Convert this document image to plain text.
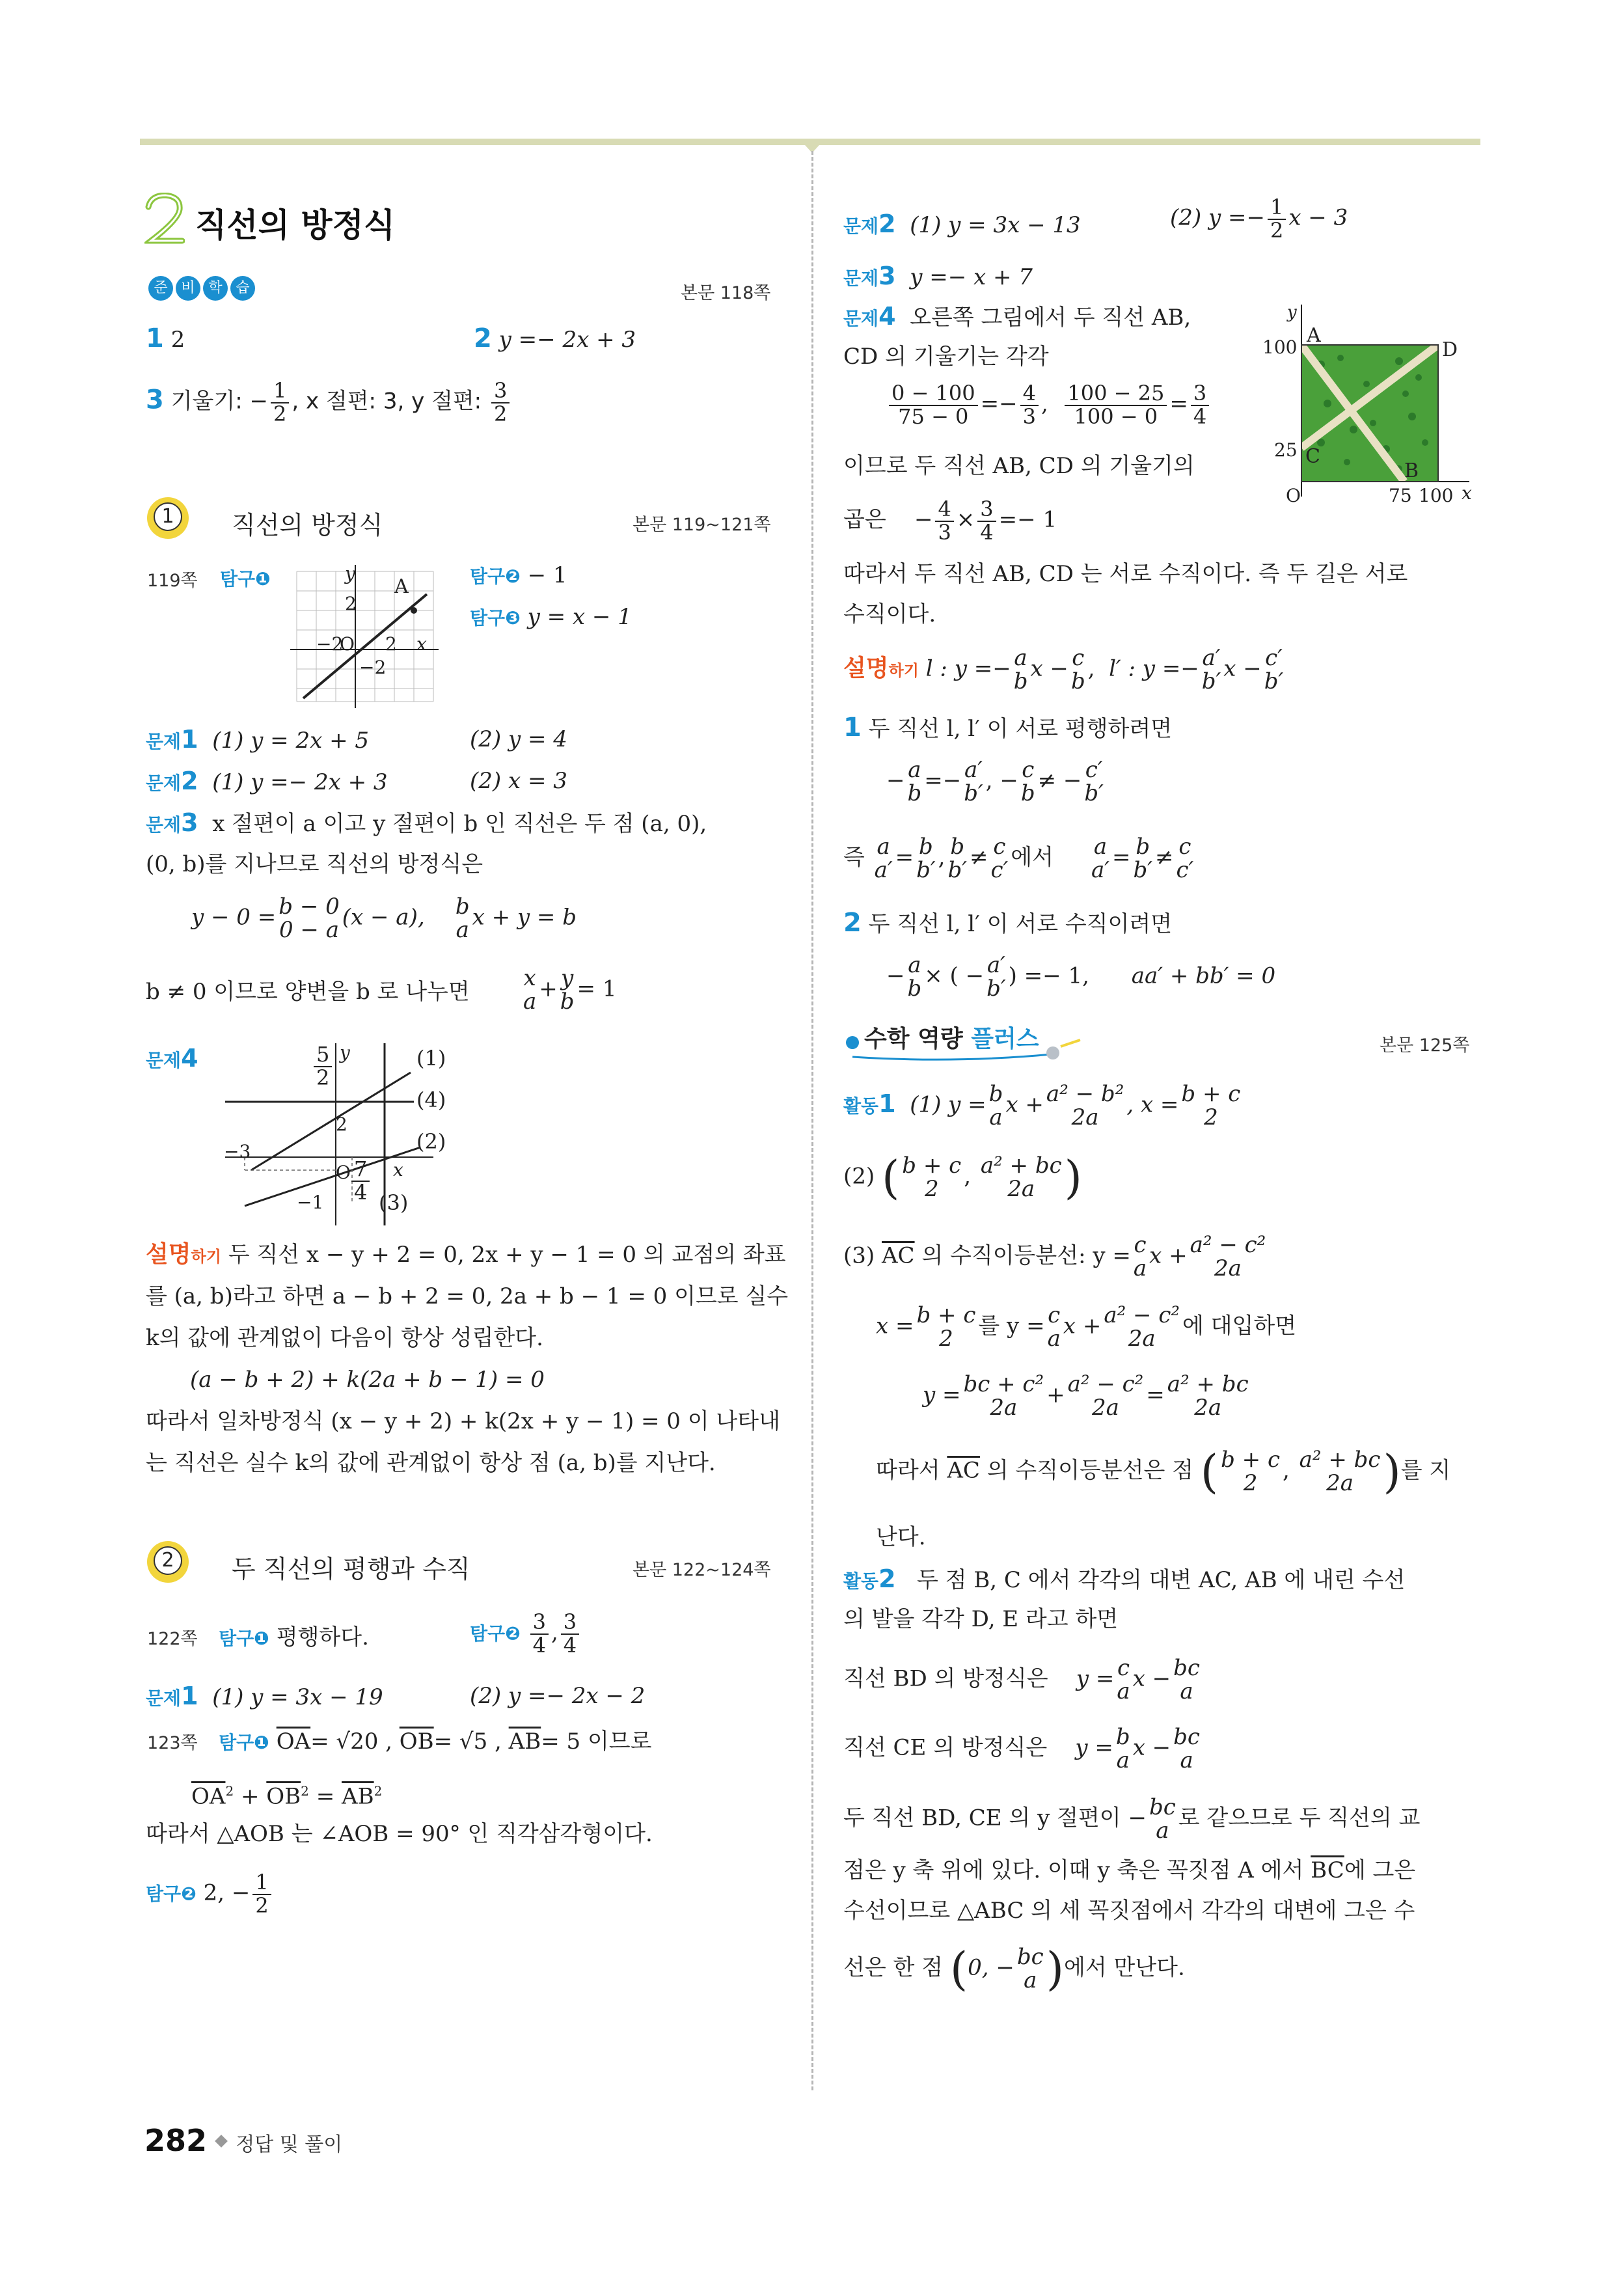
직선의 방정식
준 비 학 습	본문 118쪽
1 2	2 y =− 2x + 3
3 기울기: − $\frac{1}{2}$ , x 절편: 3, y 절편: $\frac{3}{2}$
1	직선의 방정식	본문 119~121쪽
119쪽 탐구❶	y
A
2
−2
O 2 x
−2
탐구❷ − 1
탐구❸ y = x − 1
문제1 (1) y = 2x + 5	(2) y = 4
문제2 (1) y =− 2x + 3	(2) x = 3
문제3 x 절편이 a 이고 y 절편이 b 인 직선은 두 점 (a, 0),
(0, b)를 지나므로 직선의 방정식은
y − 0 = b − 0
0 − a (x − a), b
a x + y = b
b ≠ 0 이므로 양변을 b 로 나누면
x
a + y
b = 1
문제4	$\frac{5}{2}$ y
2
−3
O $\frac{7}{4}$ x
−1
(1)
(4)
(2)
(3)
설명하기 두 직선 x − y + 2 = 0, 2x + y − 1 = 0 의 교점의 좌표
를 (a, b)라고 하면 a − b + 2 = 0, 2a + b − 1 = 0 이므로 실수
k의 값에 관계없이 다음이 항상 성립한다.
(a − b + 2) + k(2a + b − 1) = 0
따라서 일차방정식 (x − y + 2) + k(2x + y − 1) = 0 이 나타내
는 직선은 실수 k의 값에 관계없이 항상 점 (a, b)를 지난다.
2	두 직선의 평행과 수직	본문 122~124쪽
122쪽 탐구❶ 평행하다.	탐구❷ $\frac{3}{4}$ , $\frac{3}{4}$
문제1 (1) y = 3x − 19	(2) y =− 2x − 2
123쪽 탐구❶ $\overline{OA}= √20$ , $\overline{OB}= √5$ , $\overline{AB}= 5$ 이므로
$\overline{OA}^2 + \overline{OB}^2 = \overline{AB}^2$
따라서 △AOB 는 ∠AOB = 90° 인 직각삼각형이다.
탐구❷ 2, − $\frac{1}{2}$
문제2 (1) y = 3x − 13	(2) $y =- \frac{1}{2}$ x − 3
문제3 y =− x + 7
문제4 오른쪽 그림에서 두 직선 AB,
CD 의 기울기는 각각
$\frac{0 - 100}{75 - 0} =- \frac{4}{3}$ , $\frac{100 - 25}{100 - 0} = \frac{3}{4}$
이므로 두 직선 AB, CD 의 기울기의
곱은 − $\frac{4}{3} \times \frac{3}{4} =- 1$
y
100
A
D
25 C
B
O	75 100 x
따라서 두 직선 AB, CD 는 서로 수직이다. 즉 두 길은 서로
수직이다.
설명하기 l : y =− a
b x − c
b , l′ : y =− a′
b′ x − c′
b′
1 두 직선 l, l′ 이 서로 평행하려면
− a
b =− a′
b′ , − c
b ≠ − c′
b′
즉 a
a′ = b
b′ , b
b′ ≠ c
c′ 에서 a
a′ = b
b′ ≠ c
c′
2 두 직선 l, l′ 이 서로 수직이려면
− a
b × ( − a′
b′ ) =− 1, aa′ + bb′ = 0
수학 역량 플러스	본문 125쪽
활동1 (1) y = b
a x + a² − b²
2a , x = b + c
2
(2) ( b + c
2 , a² + bc
2a )
(3) $\overline{AC}$ 의 수직이등분선: y = c
a x + a² − c²
2a
x = b + c
2 를 y = c
a x + a² − c²
2a 에 대입하면
y = bc + c²
2a + a² − c²
2a = a² + bc
2a
따라서 $\overline{AC}$ 의 수직이등분선은 점 ( b + c
2 , a² + bc
2a )를 지
난다.
활동2 두 점 B, C 에서 각각의 대변 AC, AB 에 내린 수선
의 발을 각각 D, E 라고 하면
직선 BD 의 방정식은 y = c
a x − bc
a
직선 CE 의 방정식은 y = b
a x − bc
a
두 직선 BD, CE 의 y 절편이 − bc
a 로 같으므로 두 직선의 교
점은 y 축 위에 있다. 이때 y 축은 꼭짓점 A 에서 $\overline{BC}$에 그은
수선이므로 △ABC 의 세 꼭짓점에서 각각의 대변에 그은 수
선은 한 점 (0, − bc
a )에서 만난다.
282 정답 및 풀이
